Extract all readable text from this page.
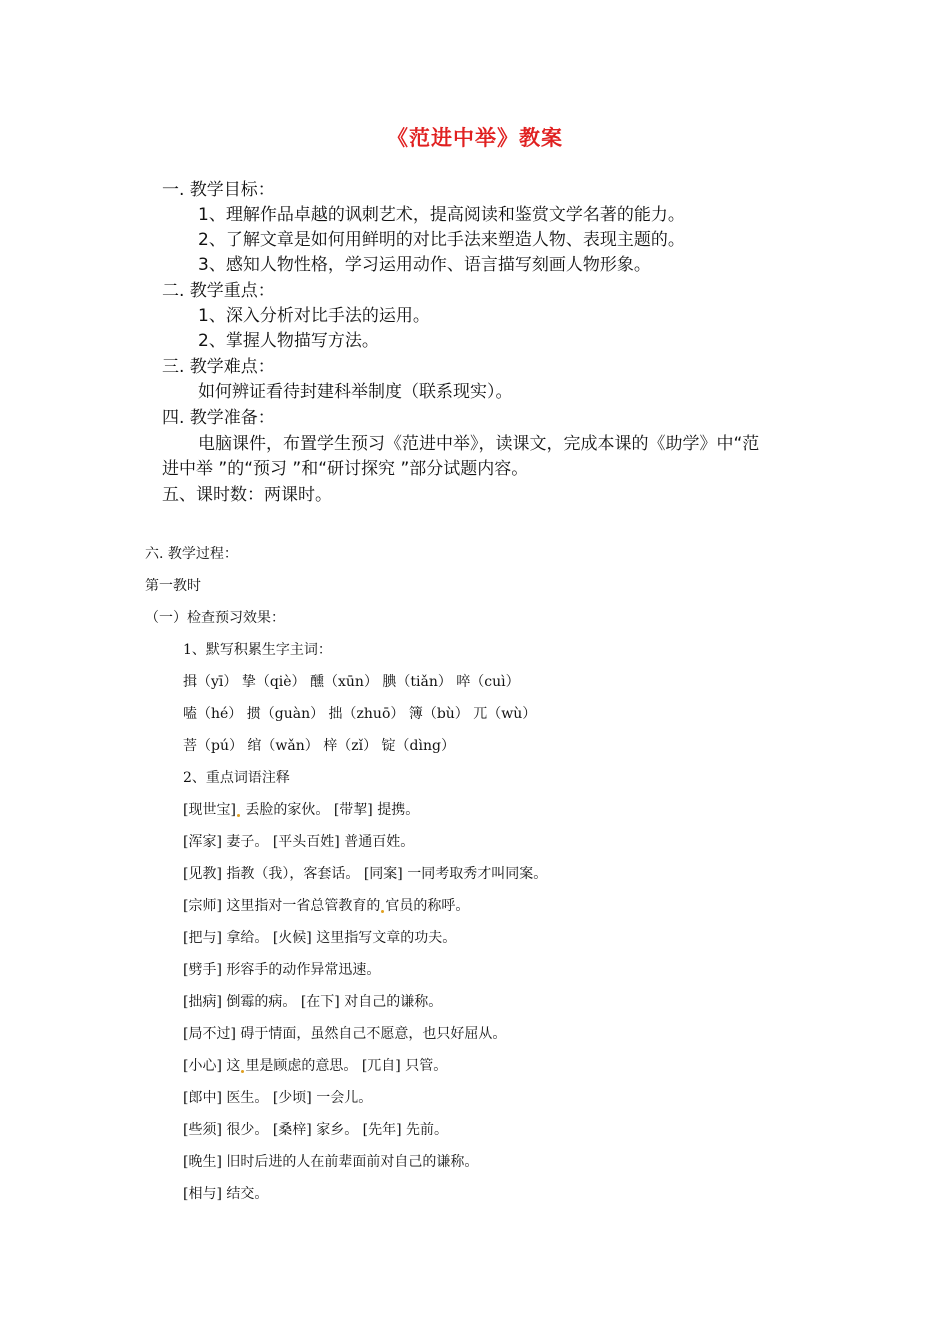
《范进中举》教案
一. 教学目标：
1、理解作品卓越的讽刺艺术，提高阅读和鉴赏文学名著的能力。
2、了解文章是如何用鲜明的对比手法来塑造人物、表现主题的。
3、感知人物性格，学习运用动作、语言描写刻画人物形象。
二. 教学重点：
1、深入分析对比手法的运用。
2、掌握人物描写方法。
三. 教学难点：
如何辨证看待封建科举制度（联系现实）。
四. 教学准备：
电脑课件，布置学生预习《范进中举》，读课文，完成本课的《助学》中“范
进中举 ”的“预习 ”和“研讨探究 ”部分试题内容。
五、课时数：两课时。
六. 教学过程：
第一教时
（一）检查预习效果：
1、默写积累生字主词：
揖（yī） 挚（qiè） 醺（xūn） 腆（tiǎn） 啐（cuì）
嗑（hé） 掼（guàn） 拙（zhuō） 簿（bù） 兀（wù）
菩（pú） 绾（wǎn） 梓（zǐ） 锭（dìng）
2、重点词语注释
[现世宝] 丢脸的家伙。 [带挈] 提携。
[浑家] 妻子。 [平头百姓] 普通百姓。
[见教] 指教（我），客套话。 [同案] 一同考取秀才叫同案。
[宗师] 这里指对一省总管教育的 官员的称呼。
[把与] 拿给。 [火候] 这里指写文章的功夫。
[劈手] 形容手的动作异常迅速。
[拙病] 倒霉的病。 [在下] 对自己的谦称。
[局不过] 碍于情面，虽然自己不愿意，也只好屈从。
[小心] 这 里是顾虑的意思。 [兀自] 只管。
[郎中] 医生。 [少顷] 一会儿。
[些须] 很少。 [桑梓] 家乡。 [先年] 先前。
[晚生] 旧时后进的人在前辈面前对自己的谦称。
[相与] 结交。
